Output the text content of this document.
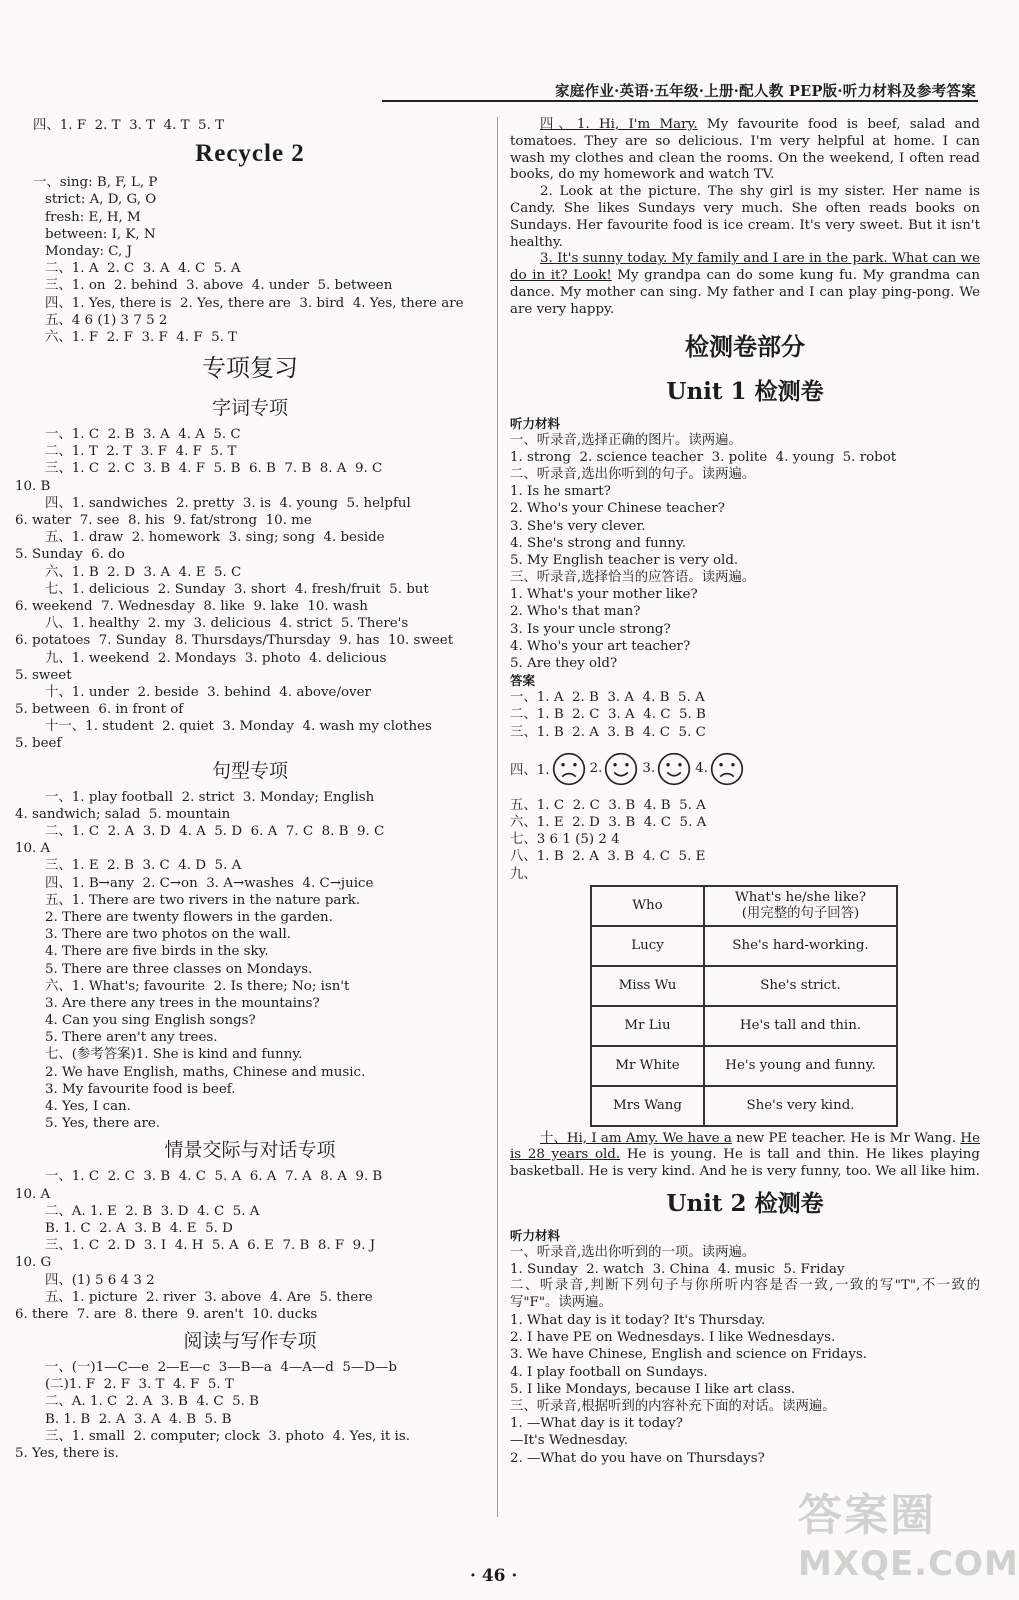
家庭作业·英语·五年级·上册·配人教 PEP版·听力材料及参考答案
四、1. F  2. T  3. T  4. T  5. T
Recycle 2
一、sing: B, F, L, P
strict: A, D, G, O
fresh: E, H, M
between: I, K, N
Monday: C, J
二、1. A  2. C  3. A  4. C  5. A
三、1. on  2. behind  3. above  4. under  5. between
四、1. Yes, there is  2. Yes, there are  3. bird  4. Yes, there are
五、4 6 (1) 3 7 5 2
六、1. F  2. F  3. F  4. F  5. T
专项复习
字词专项
一、1. C  2. B  3. A  4. A  5. C
二、1. T  2. T  3. F  4. F  5. T
三、1. C  2. C  3. B  4. F  5. B  6. B  7. B  8. A  9. C
10. B
四、1. sandwiches  2. pretty  3. is  4. young  5. helpful
6. water  7. see  8. his  9. fat/strong  10. me
五、1. draw  2. homework  3. sing; song  4. beside
5. Sunday  6. do
六、1. B  2. D  3. A  4. E  5. C
七、1. delicious  2. Sunday  3. short  4. fresh/fruit  5. but
6. weekend  7. Wednesday  8. like  9. lake  10. wash
八、1. healthy  2. my  3. delicious  4. strict  5. There's
6. potatoes  7. Sunday  8. Thursdays/Thursday  9. has  10. sweet
九、1. weekend  2. Mondays  3. photo  4. delicious
5. sweet
十、1. under  2. beside  3. behind  4. above/over
5. between  6. in front of
十一、1. student  2. quiet  3. Monday  4. wash my clothes
5. beef
句型专项
一、1. play football  2. strict  3. Monday; English
4. sandwich; salad  5. mountain
二、1. C  2. A  3. D  4. A  5. D  6. A  7. C  8. B  9. C
10. A
三、1. E  2. B  3. C  4. D  5. A
四、1. B→any  2. C→on  3. A→washes  4. C→juice
五、1. There are two rivers in the nature park.
2. There are twenty flowers in the garden.
3. There are two photos on the wall.
4. There are five birds in the sky.
5. There are three classes on Mondays.
六、1. What's; favourite  2. Is there; No; isn't
3. Are there any trees in the mountains?
4. Can you sing English songs?
5. There aren't any trees.
七、(参考答案)1. She is kind and funny.
2. We have English, maths, Chinese and music.
3. My favourite food is beef.
4. Yes, I can.
5. Yes, there are.
情景交际与对话专项
一、1. C  2. C  3. B  4. C  5. A  6. A  7. A  8. A  9. B
10. A
二、A. 1. E  2. B  3. D  4. C  5. A
B. 1. C  2. A  3. B  4. E  5. D
三、1. C  2. D  3. I  4. H  5. A  6. E  7. B  8. F  9. J
10. G
四、(1) 5 6 4 3 2
五、1. picture  2. river  3. above  4. Are  5. there
6. there  7. are  8. there  9. aren't  10. ducks
阅读与写作专项
一、(一)1—C—e  2—E—c  3—B—a  4—A—d  5—D—b
(二)1. F  2. F  3. T  4. F  5. T
二、A. 1. C  2. A  3. B  4. C  5. B
B. 1. B  2. A  3. A  4. B  5. B
三、1. small  2. computer; clock  3. photo  4. Yes, it is.
5. Yes, there is.

四、1. Hi, I'm Mary. My favourite food is beef, salad and tomatoes. They are so delicious. I'm very helpful at home. I can wash my clothes and clean the rooms. On the weekend, I often read books, do my homework and watch TV.

2. Look at the picture. The shy girl is my sister. Her name is Candy. She likes Sundays very much. She often reads books on Sundays. Her favourite food is ice cream. It's very sweet. But it isn't healthy.

3. It's sunny today. My family and I are in the park. What can we do in it? Look! My grandpa can do some kung fu. My grandma can dance. My mother can sing. My father and I can play ping-pong. We are very happy.

检测卷部分
Unit 1 检测卷
听力材料
一、听录音,选择正确的图片。读两遍。
1. strong  2. science teacher  3. polite  4. young  5. robot
二、听录音,选出你听到的句子。读两遍。
1. Is he smart?
2. Who's your Chinese teacher?
3. She's very clever.
4. She's strong and funny.
5. My English teacher is very old.
三、听录音,选择恰当的应答语。读两遍。
1. What's your mother like?
2. Who's that man?
3. Is your uncle strong?
4. Who's your art teacher?
5. Are they old?
答案
一、1. A  2. B  3. A  4. B  5. A
二、1. B  2. C  3. A  4. C  5. B
三、1. B  2. A  3. B  4. C  5. C
四、1.	2.	3.	4.
五、1. C  2. C  3. B  4. B  5. A
六、1. E  2. D  3. B  4. C  5. A
七、3 6 1 (5) 2 4
八、1. B  2. A  3. B  4. C  5. E
九、
Who	What's he/she like?
(用完整的句子回答)
Lucy	She's hard-working.
Miss Wu	She's strict.
Mr Liu	He's tall and thin.
Mr White	He's young and funny.
Mrs Wang	She's very kind.

十、Hi, I am Amy. We have a new PE teacher. He is Mr Wang. He is 28 years old. He is young. He is tall and thin. He likes playing basketball. He is very kind. And he is very funny, too. We all like him.

Unit 2 检测卷
听力材料
一、听录音,选出你听到的一项。读两遍。
1. Sunday  2. watch  3. China  4. music  5. Friday
二、听录音,判断下列句子与你所听内容是否一致,一致的写"T",不一致的写"F"。读两遍。
1. What day is it today? It's Thursday.
2. I have PE on Wednesdays. I like Wednesdays.
3. We have Chinese, English and science on Fridays.
4. I play football on Sundays.
5. I like Mondays, because I like art class.
三、听录音,根据听到的内容补充下面的对话。读两遍。
1. —What day is it today?
—It's Wednesday.
2. —What do you have on Thursdays?
· 46 ·
答案圈
MXQE.COM
